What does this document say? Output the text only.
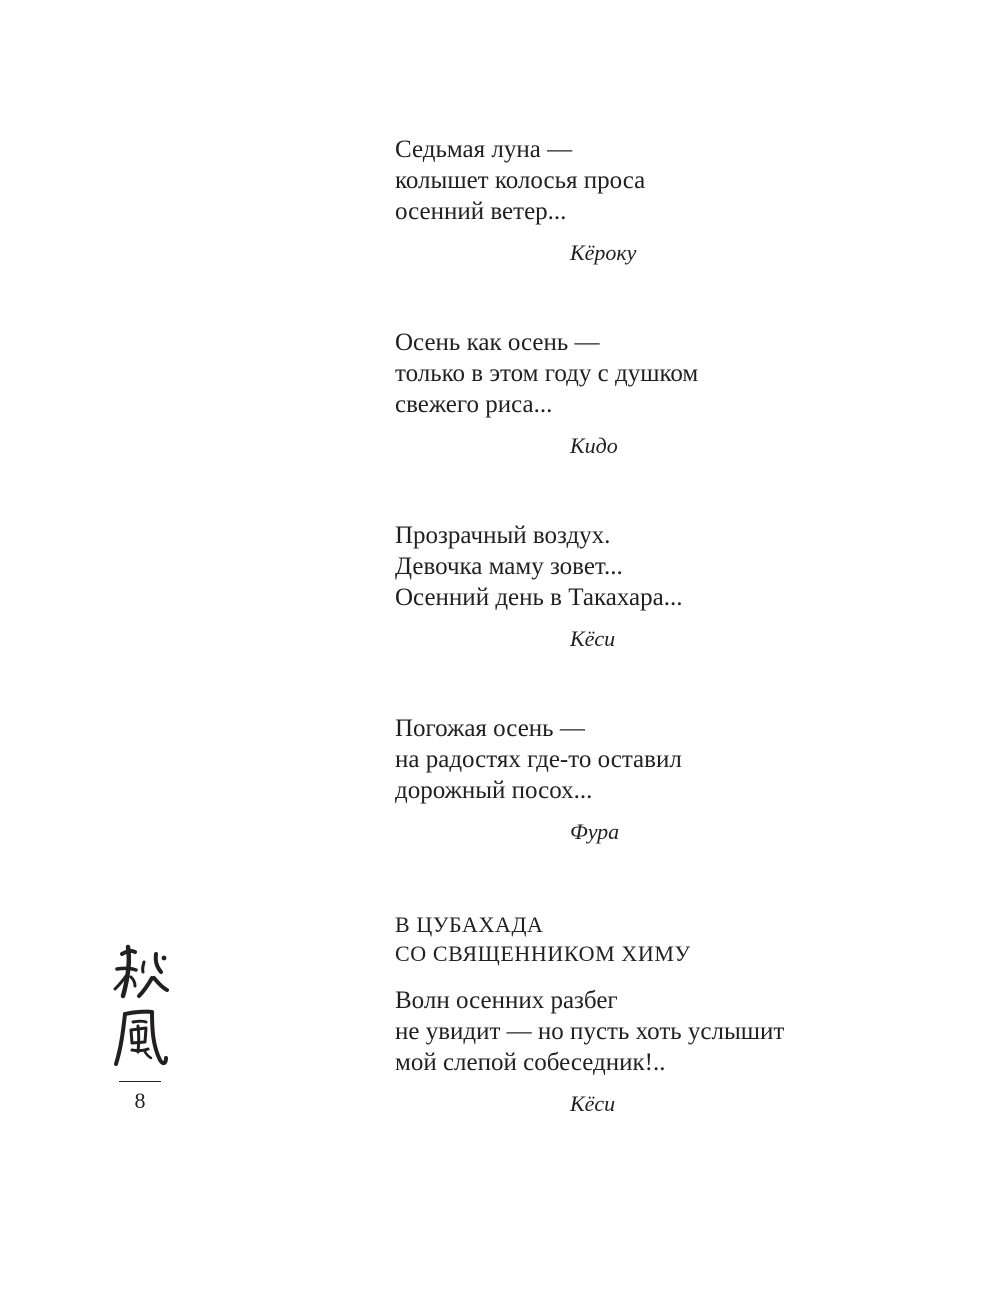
Седьмая луна —
колышет колосья проса
осенний ветер...
Кёроку
Осень как осень —
только в этом году с душком
свежего риса...
Кидо
Прозрачный воздух.
Девочка маму зовет...
Осенний день в Такахара...
Кёси
Погожая осень —
на радостях где-то оставил
дорожный посох...
Фура
В ЦУБАХАДА
СО СВЯЩЕННИКОМ ХИМУ
Волн осенних разбег
не увидит — но пусть хоть услышит
мой слепой собеседник!..
Кёси
8
